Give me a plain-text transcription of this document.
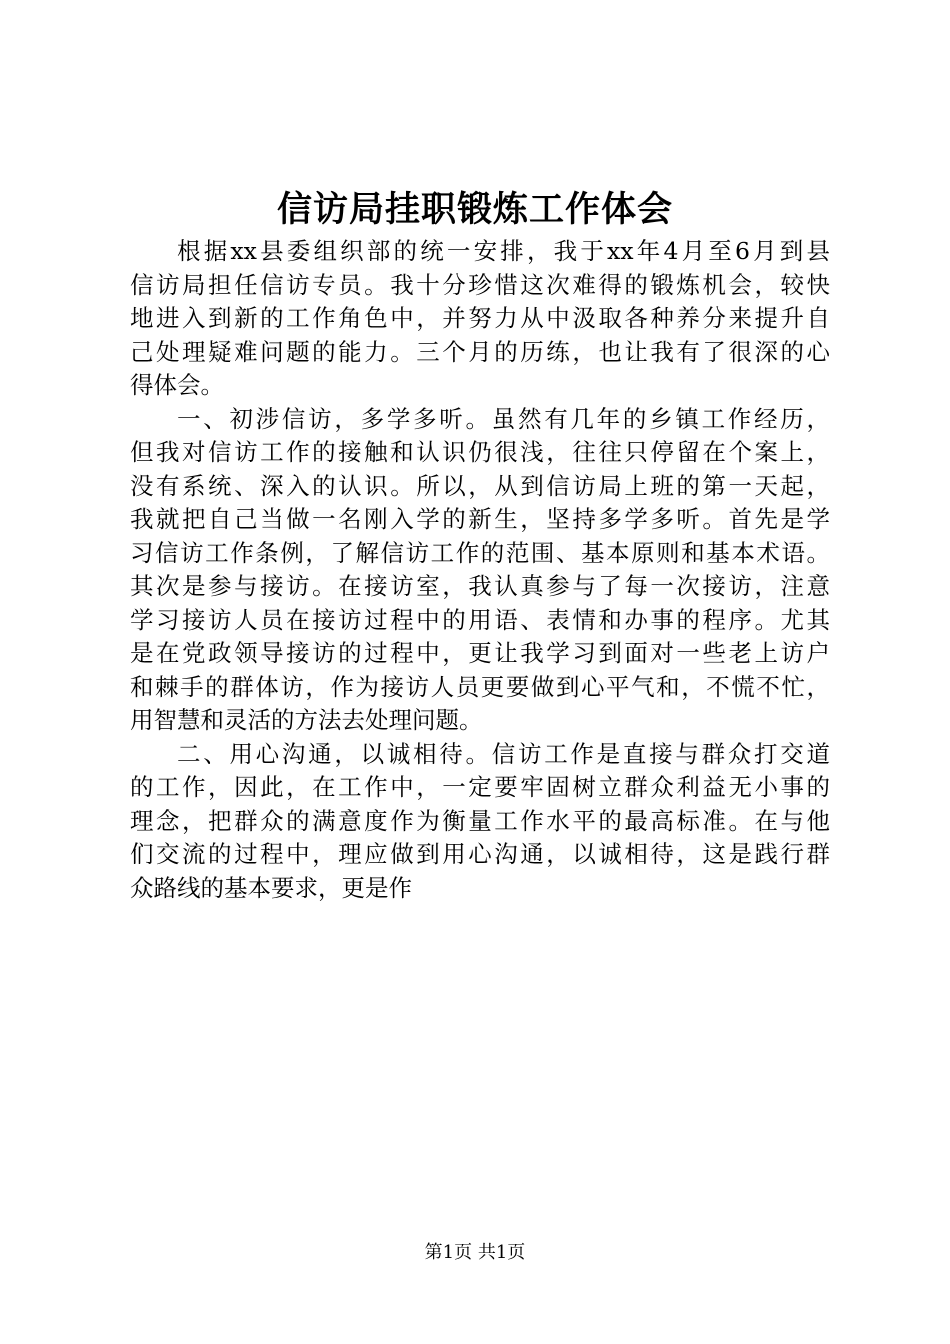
信访局挂职锻炼工作体会
根据xx县委组织部的统一安排，我于xx年4月至6月到县
信访局担任信访专员。我十分珍惜这次难得的锻炼机会，较快
地进入到新的工作角色中，并努力从中汲取各种养分来提升自
己处理疑难问题的能力。三个月的历练，也让我有了很深的心
得体会。
一、初涉信访，多学多听。虽然有几年的乡镇工作经历，
但我对信访工作的接触和认识仍很浅，往往只停留在个案上，
没有系统、深入的认识。所以，从到信访局上班的第一天起，
我就把自己当做一名刚入学的新生，坚持多学多听。首先是学
习信访工作条例，了解信访工作的范围、基本原则和基本术语。
其次是参与接访。在接访室，我认真参与了每一次接访，注意
学习接访人员在接访过程中的用语、表情和办事的程序。尤其
是在党政领导接访的过程中，更让我学习到面对一些老上访户
和棘手的群体访，作为接访人员更要做到心平气和，不慌不忙，
用智慧和灵活的方法去处理问题。
二、用心沟通，以诚相待。信访工作是直接与群众打交道
的工作，因此，在工作中，一定要牢固树立群众利益无小事的
理念，把群众的满意度作为衡量工作水平的最高标准。在与他
们交流的过程中，理应做到用心沟通，以诚相待，这是践行群
众路线的基本要求，更是作
第1页 共1页
